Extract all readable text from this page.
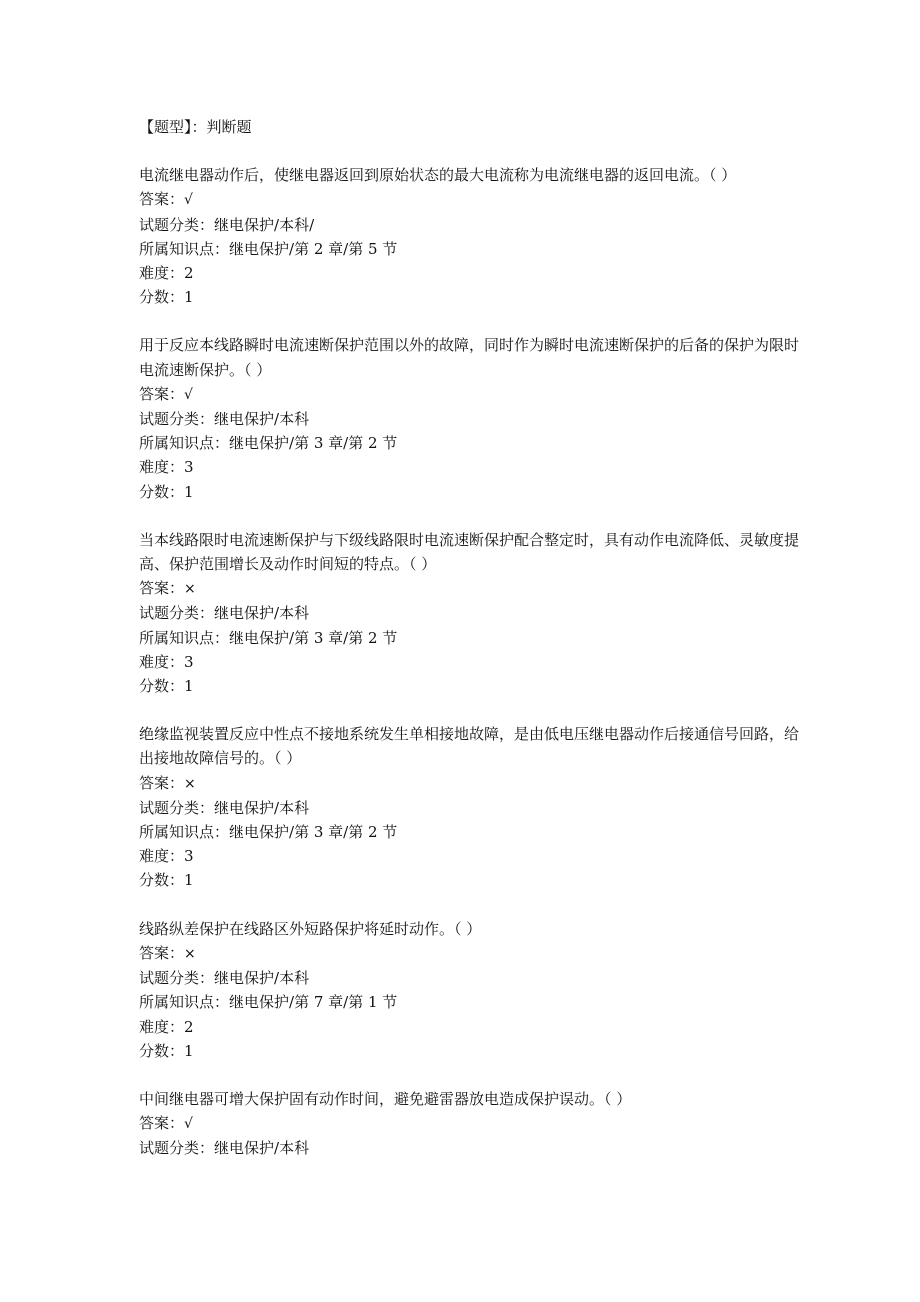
【题型】：判断题
电流继电器动作后，使继电器返回到原始状态的最大电流称为电流继电器的返回电流。（ ）
答案：√
试题分类：继电保护/本科/
所属知识点：继电保护/第 2 章/第 5 节
难度：2
分数：1
用于反应本线路瞬时电流速断保护范围以外的故障，同时作为瞬时电流速断保护的后备的保护为限时电流速断保护。（ ）
答案：√
试题分类：继电保护/本科
所属知识点：继电保护/第 3 章/第 2 节
难度：3
分数：1
当本线路限时电流速断保护与下级线路限时电流速断保护配合整定时，具有动作电流降低、灵敏度提高、保护范围增长及动作时间短的特点。（ ）
答案：×
试题分类：继电保护/本科
所属知识点：继电保护/第 3 章/第 2 节
难度：3
分数：1
绝缘监视装置反应中性点不接地系统发生单相接地故障，是由低电压继电器动作后接通信号回路，给出接地故障信号的。（ ）
答案：×
试题分类：继电保护/本科
所属知识点：继电保护/第 3 章/第 2 节
难度：3
分数：1
线路纵差保护在线路区外短路保护将延时动作。（ ）
答案：×
试题分类：继电保护/本科
所属知识点：继电保护/第 7 章/第 1 节
难度：2
分数：1
中间继电器可增大保护固有动作时间，避免避雷器放电造成保护误动。（ ）
答案：√
试题分类：继电保护/本科
